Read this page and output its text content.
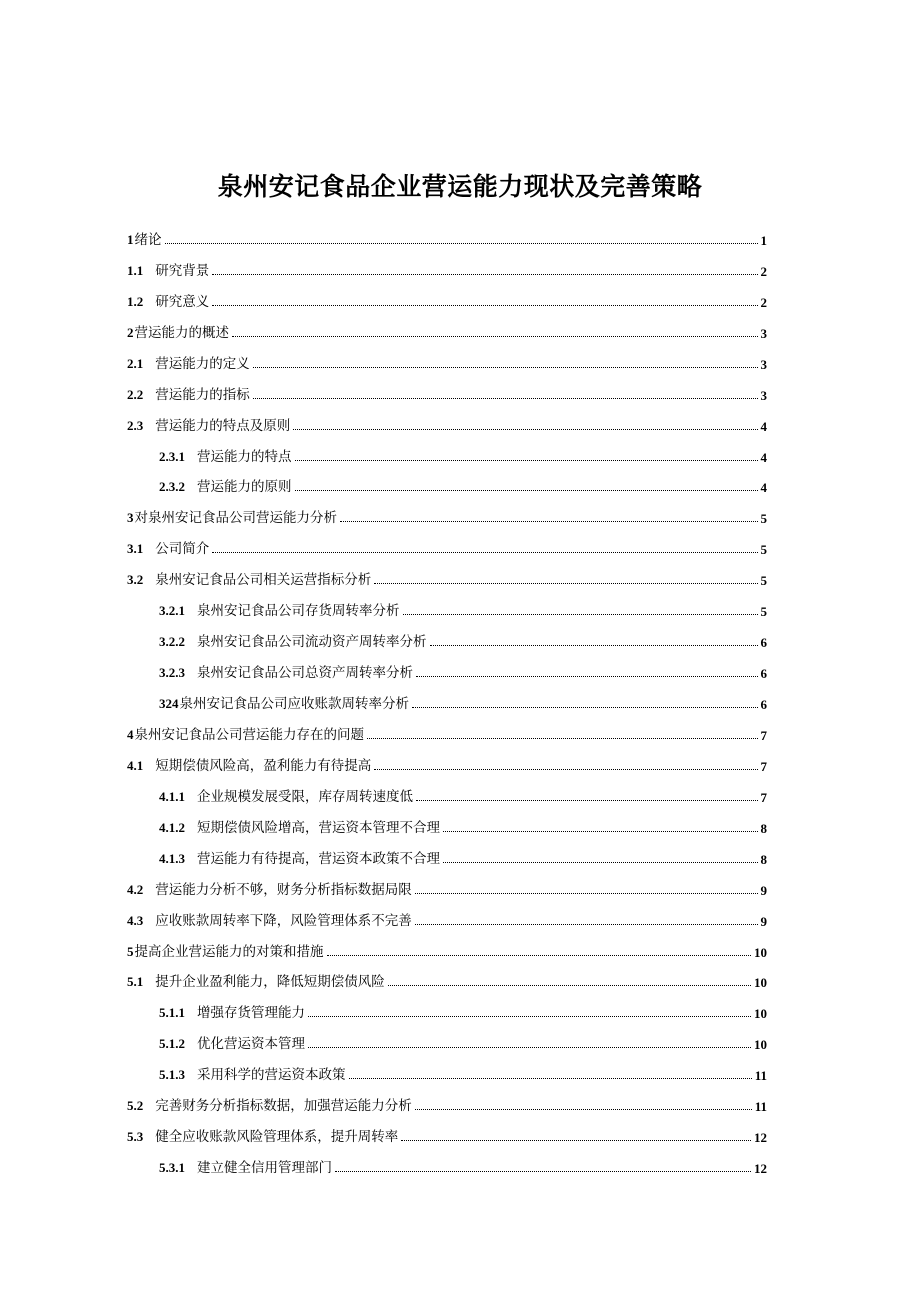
泉州安记食品企业营运能力现状及完善策略
1 绪论	1
1.1 研究背景	2
1.2 研究意义	2
2 营运能力的概述	3
2.1 营运能力的定义	3
2.2 营运能力的指标	3
2.3 营运能力的特点及原则	4
2.3.1 营运能力的特点	4
2.3.2 营运能力的原则	4
3 对泉州安记食品公司营运能力分析	5
3.1 公司简介	5
3.2 泉州安记食品公司相关运营指标分析	5
3.2.1 泉州安记食品公司存货周转率分析	5
3.2.2 泉州安记食品公司流动资产周转率分析	6
3.2.3 泉州安记食品公司总资产周转率分析	6
324 泉州安记食品公司应收账款周转率分析	6
4 泉州安记食品公司营运能力存在的问题	7
4.1 短期偿债风险高，盈利能力有待提高	7
4.1.1 企业规模发展受限，库存周转速度低	7
4.1.2 短期偿债风险增高，营运资本管理不合理	8
4.1.3 营运能力有待提高，营运资本政策不合理	8
4.2 营运能力分析不够，财务分析指标数据局限	9
4.3 应收账款周转率下降，风险管理体系不完善	9
5 提高企业营运能力的对策和措施	10
5.1 提升企业盈利能力，降低短期偿债风险	10
5.1.1 增强存货管理能力	10
5.1.2 优化营运资本管理	10
5.1.3 采用科学的营运资本政策	11
5.2 完善财务分析指标数据，加强营运能力分析	11
5.3 健全应收账款风险管理体系，提升周转率	12
5.3.1 建立健全信用管理部门	12
